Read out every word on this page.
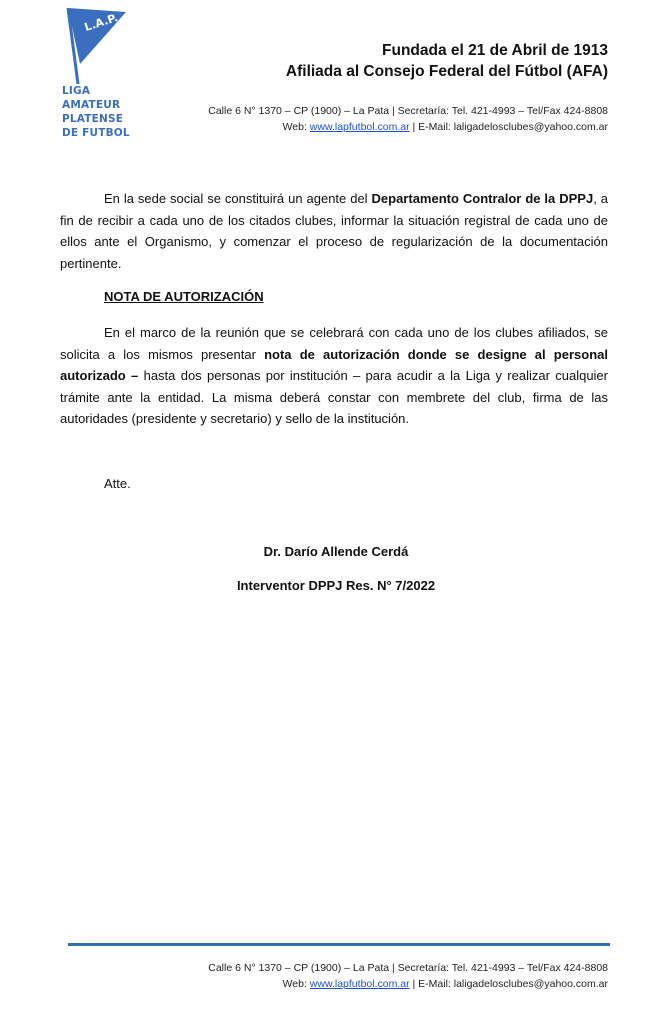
L.A.P.
LIGA
AMATEUR
PLATENSE
DE FUTBOL
Fundada el 21 de Abril de 1913
Afiliada al Consejo Federal del Fútbol (AFA)
Calle 6 N° 1370 – CP (1900) – La Pata | Secretaría: Tel. 421-4993 – Tel/Fax 424-8808
Web: www.lapfutbol.com.ar | E-Mail: laligadelosclubes@yahoo.com.ar
En la sede social se constituirá un agente del Departamento Contralor de la DPPJ, a fin de recibir a cada uno de los citados clubes, informar la situación registral de cada uno de ellos ante el Organismo, y comenzar el proceso de regularización de la documentación pertinente.
NOTA DE AUTORIZACIÓN
En el marco de la reunión que se celebrará con cada uno de los clubes afiliados, se solicita a los mismos presentar nota de autorización donde se designe al personal autorizado – hasta dos personas por institución – para acudir a la Liga y realizar cualquier trámite ante la entidad. La misma deberá constar con membrete del club, firma de las autoridades (presidente y secretario) y sello de la institución.
Atte.
Dr. Darío Allende Cerdá
Interventor DPPJ Res. N° 7/2022
Calle 6 N° 1370 – CP (1900) – La Pata | Secretaría: Tel. 421-4993 – Tel/Fax 424-8808
Web: www.lapfutbol.com.ar | E-Mail: laligadelosclubes@yahoo.com.ar
